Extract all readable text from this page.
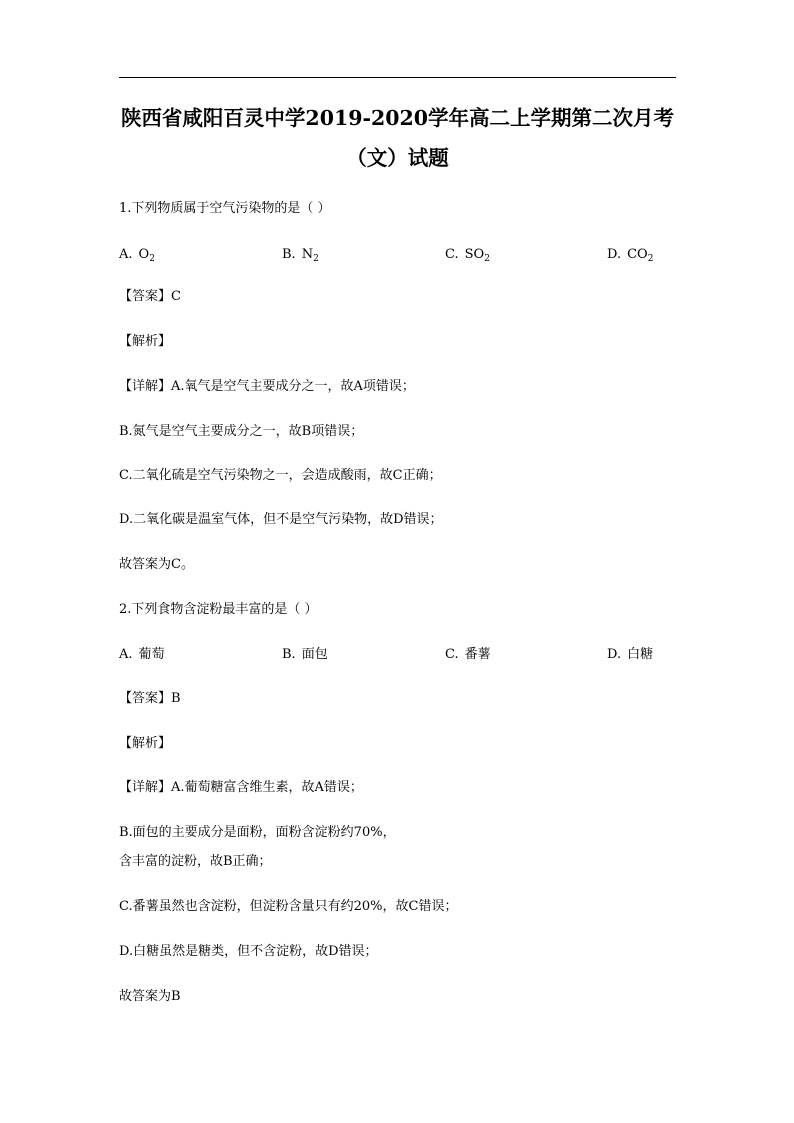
陕西省咸阳百灵中学2019-2020学年高二上学期第二次月考
（文）试题
1.下列物质属于空气污染物的是（ ）
A. $O_2$	B. $N_2$	C. $SO_2$	D. $CO_2$
【答案】C
【解析】
【详解】A.氧气是空气主要成分之一，故A项错误；
B.氮气是空气主要成分之一，故B项错误；
C.二氧化硫是空气污染物之一，会造成酸雨，故C正确；
D.二氧化碳是温室气体，但不是空气污染物，故D错误；
故答案为C。
2.下列食物含淀粉最丰富的是（ ）
A. 葡萄	B. 面包	C. 番薯	D. 白糖
【答案】B
【解析】
【详解】A.葡萄糖富含维生素，故A错误；
B.面包的主要成分是面粉，面粉含淀粉约70%，
含丰富的淀粉，故B正确；
C.番薯虽然也含淀粉，但淀粉含量只有约20%，故C错误；
D.白糖虽然是糖类，但不含淀粉，故D错误；
故答案为B
